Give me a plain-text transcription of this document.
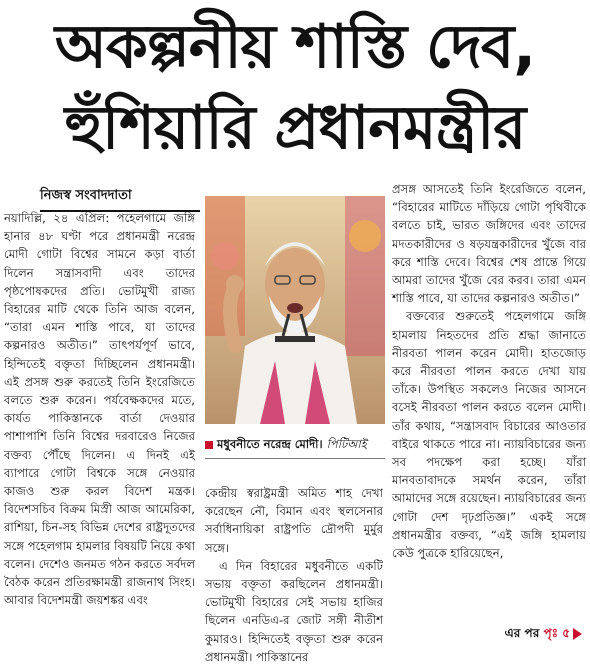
অকল্পনীয় শাস্তি দেব,
হুঁশিয়ারি প্রধানমন্ত্রীর
নিজস্ব সংবাদদাতা

নয়াদিল্লি, ২৪ এপ্রিল: পহেলগামে জঙ্গি হানার ৪৮ ঘণ্টা পরে প্রধানমন্ত্রী নরেন্দ্র মোদী গোটা বিশ্বের সামনে কড়া বার্তা দিলেন সন্ত্রাসবাদী এবং তাদের পৃষ্ঠপোষকদের প্রতি। ভোটমুখী রাজ্য বিহারের মাটি থেকে তিনি আজ বলেন, “তারা এমন শাস্তি পাবে, যা তাদের কল্পনারও অতীত।” তাৎপর্যপূর্ণ ভাবে, হিন্দিতেই বক্তৃতা দিচ্ছিলেন প্রধানমন্ত্রী। এই প্রসঙ্গ শুরু করতেই তিনি ইংরেজিতে বলতে শুরু করেন। পর্যবেক্ষকদের মতে, কার্যত পাকিস্তানকে বার্তা দেওয়ার পাশাপাশি তিনি বিশ্বের দরবারেও নিজের বক্তব্য পৌঁছে দিলেন। এ দিনই এই ব্যাপারে গোটা বিশ্বকে সঙ্গে নেওয়ার কাজও শুরু করল বিদেশ মন্ত্রক। বিদেশসচিব বিক্রম মিস্রী আজ আমেরিকা, রাশিয়া, চিন-সহ বিভিন্ন দেশের রাষ্ট্রদূতদের সঙ্গে পহেলগাম হামলার বিষয়টি নিয়ে কথা বলেন। দেশেও জনমত গঠন করতে সর্বদল বৈঠক করেন প্রতিরক্ষামন্ত্রী রাজনাথ সিংহ। আবার বিদেশমন্ত্রী জয়শঙ্কর এবং

মধুবনীতে নরেন্দ্র মোদী। পিটিআই

কেন্দ্রীয় স্বরাষ্ট্রমন্ত্রী অমিত শাহ দেখা করেছেন নৌ, বিমান এবং স্থলসেনার সর্বাধিনায়িকা রাষ্ট্রপতি দ্রৌপদী মুর্মুর সঙ্গে।

এ দিন বিহারের মধুবনীতে একটি সভায় বক্তৃতা করছিলেন প্রধানমন্ত্রী। ভোটমুখী বিহারের সেই সভায় হাজির ছিলেন এনডিএ-র জোট সঙ্গী নীতীশ কুমারও। হিন্দিতেই বক্তৃতা শুরু করেন প্রধানমন্ত্রী। পাকিস্তানের

প্রসঙ্গ আসতেই তিনি ইংরেজিতে বলেন, “বিহারের মাটিতে দাঁড়িয়ে গোটা পৃথিবীকে বলতে চাই, ভারত জঙ্গিদের এবং তাদের মদতকারীদের ও ষড়যন্ত্রকারীদের খুঁজে বার করে শাস্তি দেবে। বিশ্বের শেষ প্রান্তে গিয়ে আমরা তাদের খুঁজে বের করব। তারা এমন শাস্তি পাবে, যা তাদের কল্পনারও অতীত।”

বক্তব্যের শুরুতেই পহেলগামে জঙ্গি হামলায় নিহতদের প্রতি শ্রদ্ধা জানাতে নীরবতা পালন করেন মোদী। হাতজোড় করে নীরবতা পালন করতে দেখা যায় তাঁকে। উপস্থিত সকলেও নিজের আসনে বসেই নীরবতা পালন করতে বলেন মোদী। তাঁর কথায়, “সন্ত্রাসবাদ বিচারের আওতার বাইরে থাকতে পারে না। ন্যায়বিচারের জন্য সব পদক্ষেপ করা হচ্ছে। যাঁরা মানবতাবাদকে সমর্থন করেন, তাঁরা আমাদের সঙ্গে রয়েছেন। ন্যায়বিচারের জন্য গোটা দেশ দৃঢ়প্রতিজ্ঞ।” একই সঙ্গে প্রধানমন্ত্রীর বক্তব্য, “এই জঙ্গি হামলায় কেউ পুত্রকে হারিয়েছেন,

এর পর পৃঃ ৫
